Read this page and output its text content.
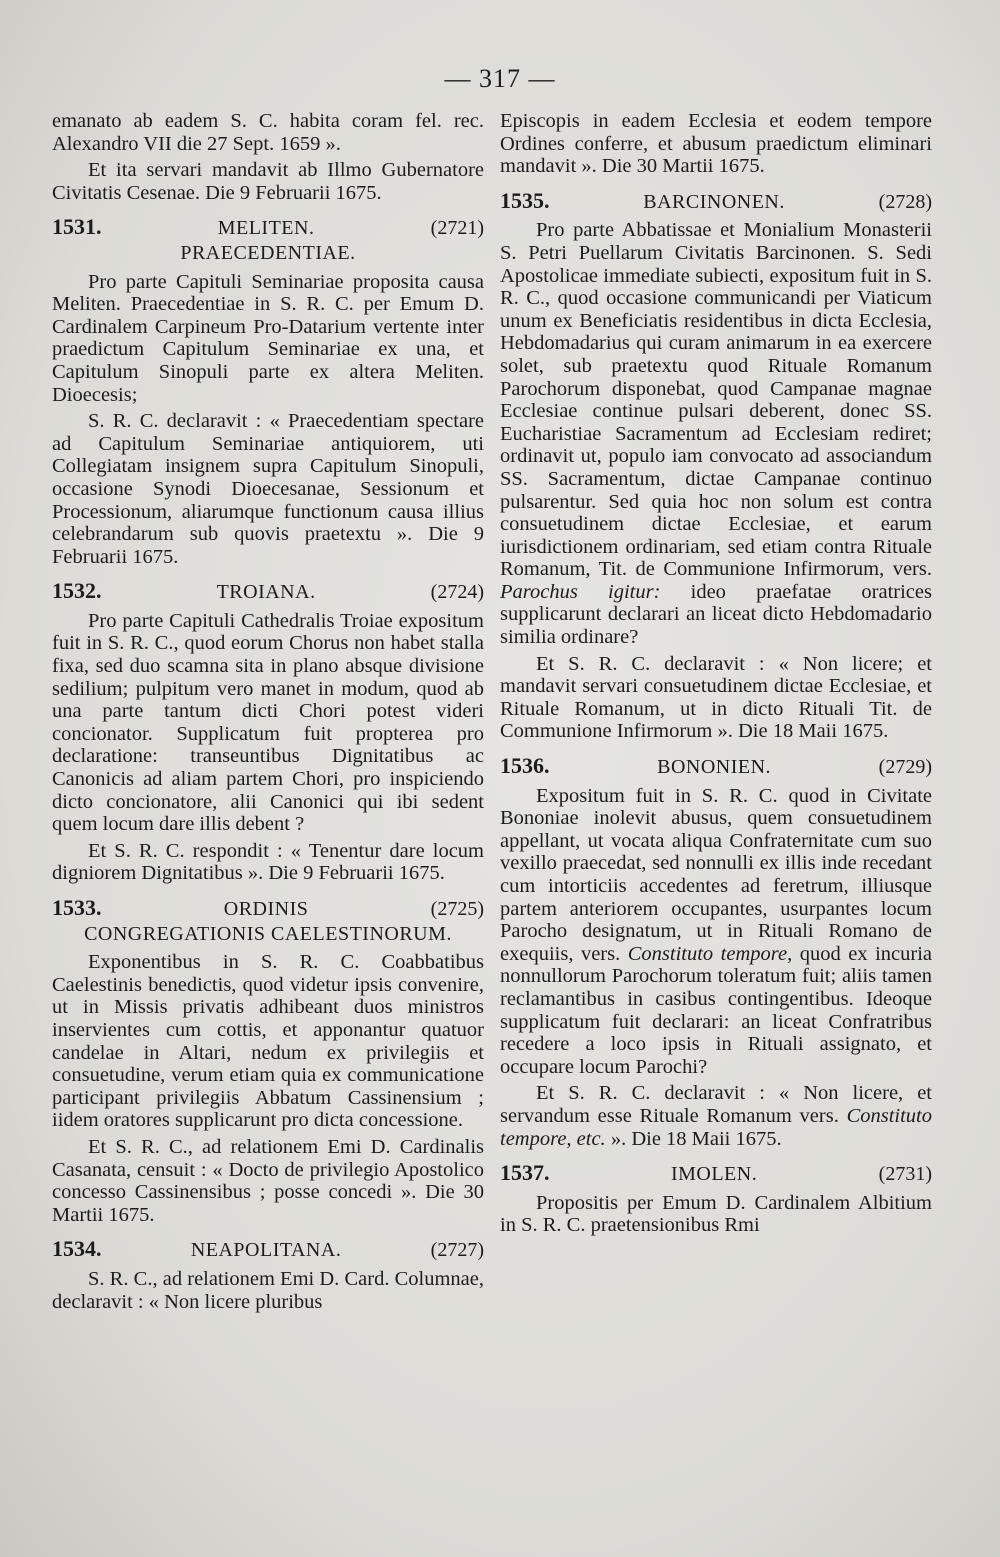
— 317 —

emanato ab eadem S. C. habita coram fel. rec. Alexandro VII die 27 Sept. 1659 ».

Et ita servari mandavit ab Illmo Gubernatore Civitatis Cesenae. Die 9 Februarii 1675.

1531.	MELITEN.	(2721)
PRAECEDENTIAE.

Pro parte Capituli Seminariae proposita causa Meliten. Praecedentiae in S. R. C. per Emum D. Cardinalem Carpineum Pro-Datarium vertente inter praedictum Capitulum Seminariae ex una, et Capitulum Sinopuli parte ex altera Meliten. Dioecesis;

S. R. C. declaravit : « Praecedentiam spectare ad Capitulum Seminariae antiquiorem, uti Collegiatam insignem supra Capitulum Sinopuli, occasione Synodi Dioecesanae, Sessionum et Processionum, aliarumque functionum causa illius celebrandarum sub quovis praetextu ». Die 9 Februarii 1675.

1532.	TROIANA.	(2724)

Pro parte Capituli Cathedralis Troiae expositum fuit in S. R. C., quod eorum Chorus non habet stalla fixa, sed duo scamna sita in plano absque divisione sedilium; pulpitum vero manet in modum, quod ab una parte tantum dicti Chori potest videri concionator. Supplicatum fuit propterea pro declaratione: transeuntibus Dignitatibus ac Canonicis ad aliam partem Chori, pro inspiciendo dicto concionatore, alii Canonici qui ibi sedent quem locum dare illis debent ?

Et S. R. C. respondit : « Tenentur dare locum digniorem Dignitatibus ». Die 9 Februarii 1675.

1533.	ORDINIS	(2725)
CONGREGATIONIS CAELESTINORUM.

Exponentibus in S. R. C. Coabbatibus Caelestinis benedictis, quod videtur ipsis convenire, ut in Missis privatis adhibeant duos ministros inservientes cum cottis, et apponantur quatuor candelae in Altari, nedum ex privilegiis et consuetudine, verum etiam quia ex communicatione participant privilegiis Abbatum Cassinensium ; iidem oratores supplicarunt pro dicta concessione.

Et S. R. C., ad relationem Emi D. Cardinalis Casanata, censuit : « Docto de privilegio Apostolico concesso Cassinensibus ; posse concedi ». Die 30 Martii 1675.

1534.	NEAPOLITANA.	(2727)

S. R. C., ad relationem Emi D. Card. Columnae, declaravit : « Non licere pluribus

Episcopis in eadem Ecclesia et eodem tempore Ordines conferre, et abusum praedictum eliminari mandavit ». Die 30 Martii 1675.

1535.	BARCINONEN.	(2728)

Pro parte Abbatissae et Monialium Monasterii S. Petri Puellarum Civitatis Barcinonen. S. Sedi Apostolicae immediate subiecti, expositum fuit in S. R. C., quod occasione communicandi per Viaticum unum ex Beneficiatis residentibus in dicta Ecclesia, Hebdomadarius qui curam animarum in ea exercere solet, sub praetextu quod Rituale Romanum Parochorum disponebat, quod Campanae magnae Ecclesiae continue pulsari deberent, donec SS. Eucharistiae Sacramentum ad Ecclesiam rediret; ordinavit ut, populo iam convocato ad associandum SS. Sacramentum, dictae Campanae continuo pulsarentur. Sed quia hoc non solum est contra consuetudinem dictae Ecclesiae, et earum iurisdictionem ordinariam, sed etiam contra Rituale Romanum, Tit. de Communione Infirmorum, vers. Parochus igitur: ideo praefatae oratrices supplicarunt declarari an liceat dicto Hebdomadario similia ordinare?

Et S. R. C. declaravit : « Non licere; et mandavit servari consuetudinem dictae Ecclesiae, et Rituale Romanum, ut in dicto Rituali Tit. de Communione Infirmorum ». Die 18 Maii 1675.

1536.	BONONIEN.	(2729)

Expositum fuit in S. R. C. quod in Civitate Bononiae inolevit abusus, quem consuetudinem appellant, ut vocata aliqua Confraternitate cum suo vexillo praecedat, sed nonnulli ex illis inde recedant cum intorticiis accedentes ad feretrum, illiusque partem anteriorem occupantes, usurpantes locum Parocho designatum, ut in Rituali Romano de exequiis, vers. Constituto tempore, quod ex incuria nonnullorum Parochorum toleratum fuit; aliis tamen reclamantibus in casibus contingentibus. Ideoque supplicatum fuit declarari: an liceat Confratribus recedere a loco ipsis in Rituali assignato, et occupare locum Parochi?

Et S. R. C. declaravit : « Non licere, et servandum esse Rituale Romanum vers. Constituto tempore, etc. ». Die 18 Maii 1675.

1537.	IMOLEN.	(2731)

Propositis per Emum D. Cardinalem Albitium in S. R. C. praetensionibus Rmi
